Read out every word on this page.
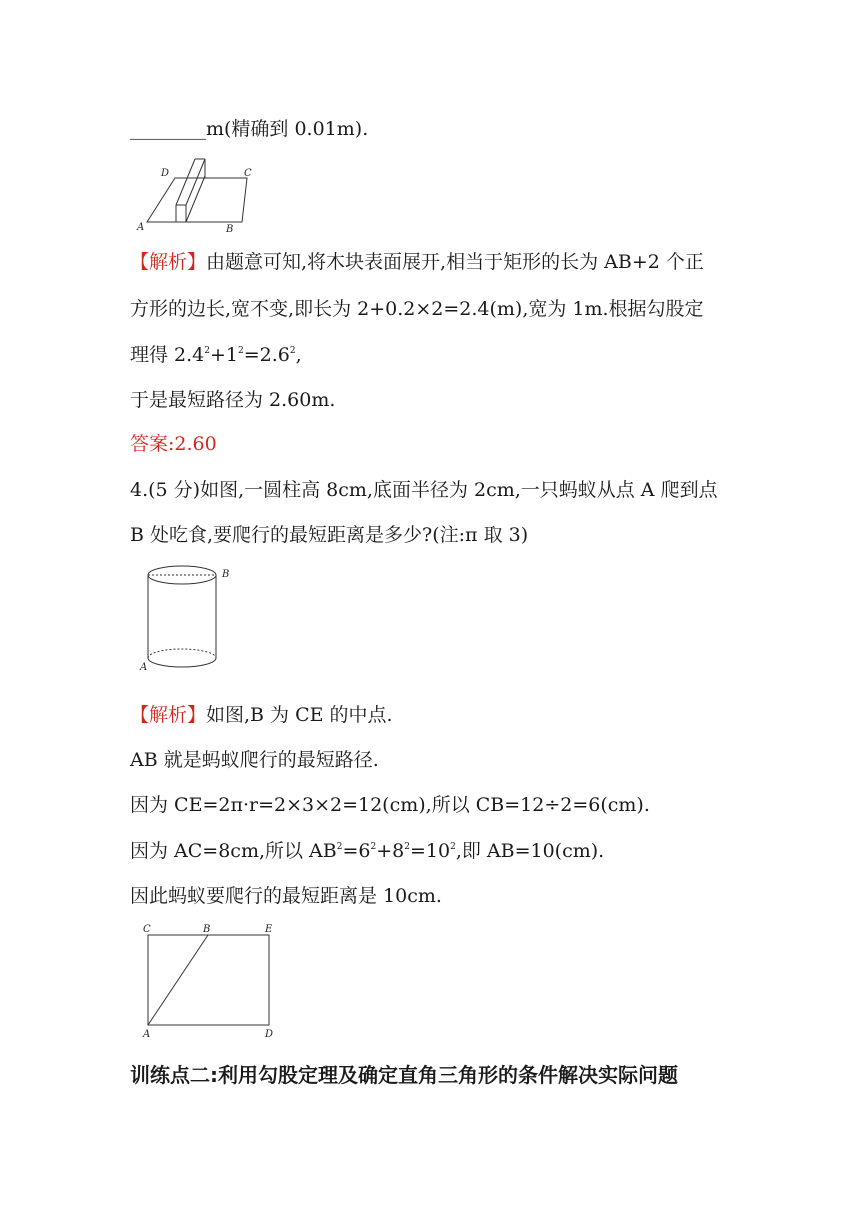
________m(精确到 0.01m).
A	B
C
D
【解析】由题意可知,将木块表面展开,相当于矩形的长为 AB+2 个正
方形的边长,宽不变,即长为 2+0.2×2=2.4(m),宽为 1m.根据勾股定
理得 $2.4^2+1^2=2.6^2$,
于是最短路径为 2.60m.
答案:2.60
4.(5 分)如图,一圆柱高 8cm,底面半径为 2cm,一只蚂蚁从点 A 爬到点
B 处吃食,要爬行的最短距离是多少?(注:π 取 3)
B
A
【解析】如图,B 为 CE 的中点.
AB 就是蚂蚁爬行的最短路径.
因为 CE=2π·r=2×3×2=12(cm),所以 CB=12÷2=6(cm).
因为 AC=8cm,所以 $AB^2=6^2+8^2=10^2$,即 AB=10(cm).
因此蚂蚁要爬行的最短距离是 10cm.
C	B	E
A	D
训练点二:利用勾股定理及确定直角三角形的条件解决实际问题
